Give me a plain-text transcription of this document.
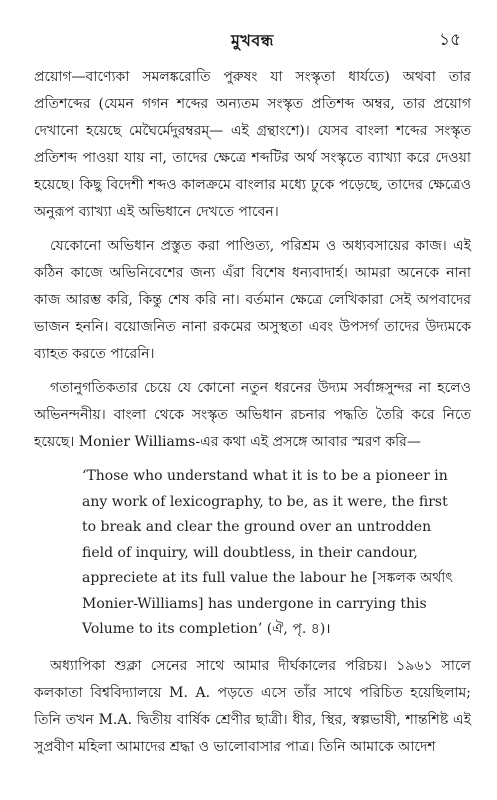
মুখবন্ধ	১৫

প্রয়োগ—বাণ্যেকা সমলঙ্করোতি পুরুষং যা সংস্কৃতা ধার্যতে) অথবা তার প্রতিশব্দের (যেমন গগন শব্দের অন্যতম সংস্কৃত প্রতিশব্দ অম্বর, তার প্রয়োগ দেখানো হয়েছে মেঘৈর্মেদুরম্বরম্— এই গ্রন্থাংশে)। যেসব বাংলা শব্দের সংস্কৃত প্রতিশব্দ পাওয়া যায় না, তাদের ক্ষেত্রে শব্দটির অর্থ সংস্কৃতে ব্যাখ্যা করে দেওয়া হয়েছে। কিছু বিদেশী শব্দও কালক্রমে বাংলার মধ্যে ঢুকে পড়েছে, তাদের ক্ষেত্রেও অনুরূপ ব্যাখ্যা এই অভিধানে দেখতে পাবেন।

যেকোনো অভিধান প্রস্তুত করা পাণ্ডিত্য, পরিশ্রম ও অধ্যবসায়ের কাজ। এই কঠিন কাজে অভিনিবেশের জন্য এঁরা বিশেষ ধন্যবাদার্হ। আমরা অনেকে নানা কাজ আরম্ভ করি, কিন্তু শেষ করি না। বর্তমান ক্ষেত্রে লেখিকারা সেই অপবাদের ভাজন হননি। বয়োজনিত নানা রকমের অসুস্থতা এবং উপসর্গ তাদের উদ্যমকে ব্যাহত করতে পারেনি।

গতানুগতিকতার চেয়ে যে কোনো নতুন ধরনের উদ্যম সর্বাঙ্গসুন্দর না হলেও অভিনন্দনীয়। বাংলা থেকে সংস্কৃত অভিধান রচনার পদ্ধতি তৈরি করে নিতে হয়েছে। Monier Williams-এর কথা এই প্রসঙ্গে আবার স্মরণ করি—

‘Those who understand what it is to be a pioneer in any work of lexicography, to be, as it were, the first to break and clear the ground over an untrodden field of inquiry, will doubtless, in their candour, appreciete at its full value the labour he [সঙ্কলক অর্থাৎ Monier-Williams] has undergone in carrying this Volume to its completion’ (ঐ, পৃ. ৪)।

অধ্যাপিকা শুক্লা সেনের সাথে আমার দীর্ঘকালের পরিচয়। ১৯৬১ সালে কলকাতা বিশ্ববিদ্যালয়ে M. A. পড়তে এসে তাঁর সাথে পরিচিত হয়েছিলাম; তিনি তখন M.A. দ্বিতীয় বার্ষিক শ্রেণীর ছাত্রী। ধীর, স্থির, স্বল্পভাষী, শান্তশিষ্ট এই সুপ্রবীণ মহিলা আমাদের শ্রদ্ধা ও ভালোবাসার পাত্র। তিনি আমাকে আদেশ
